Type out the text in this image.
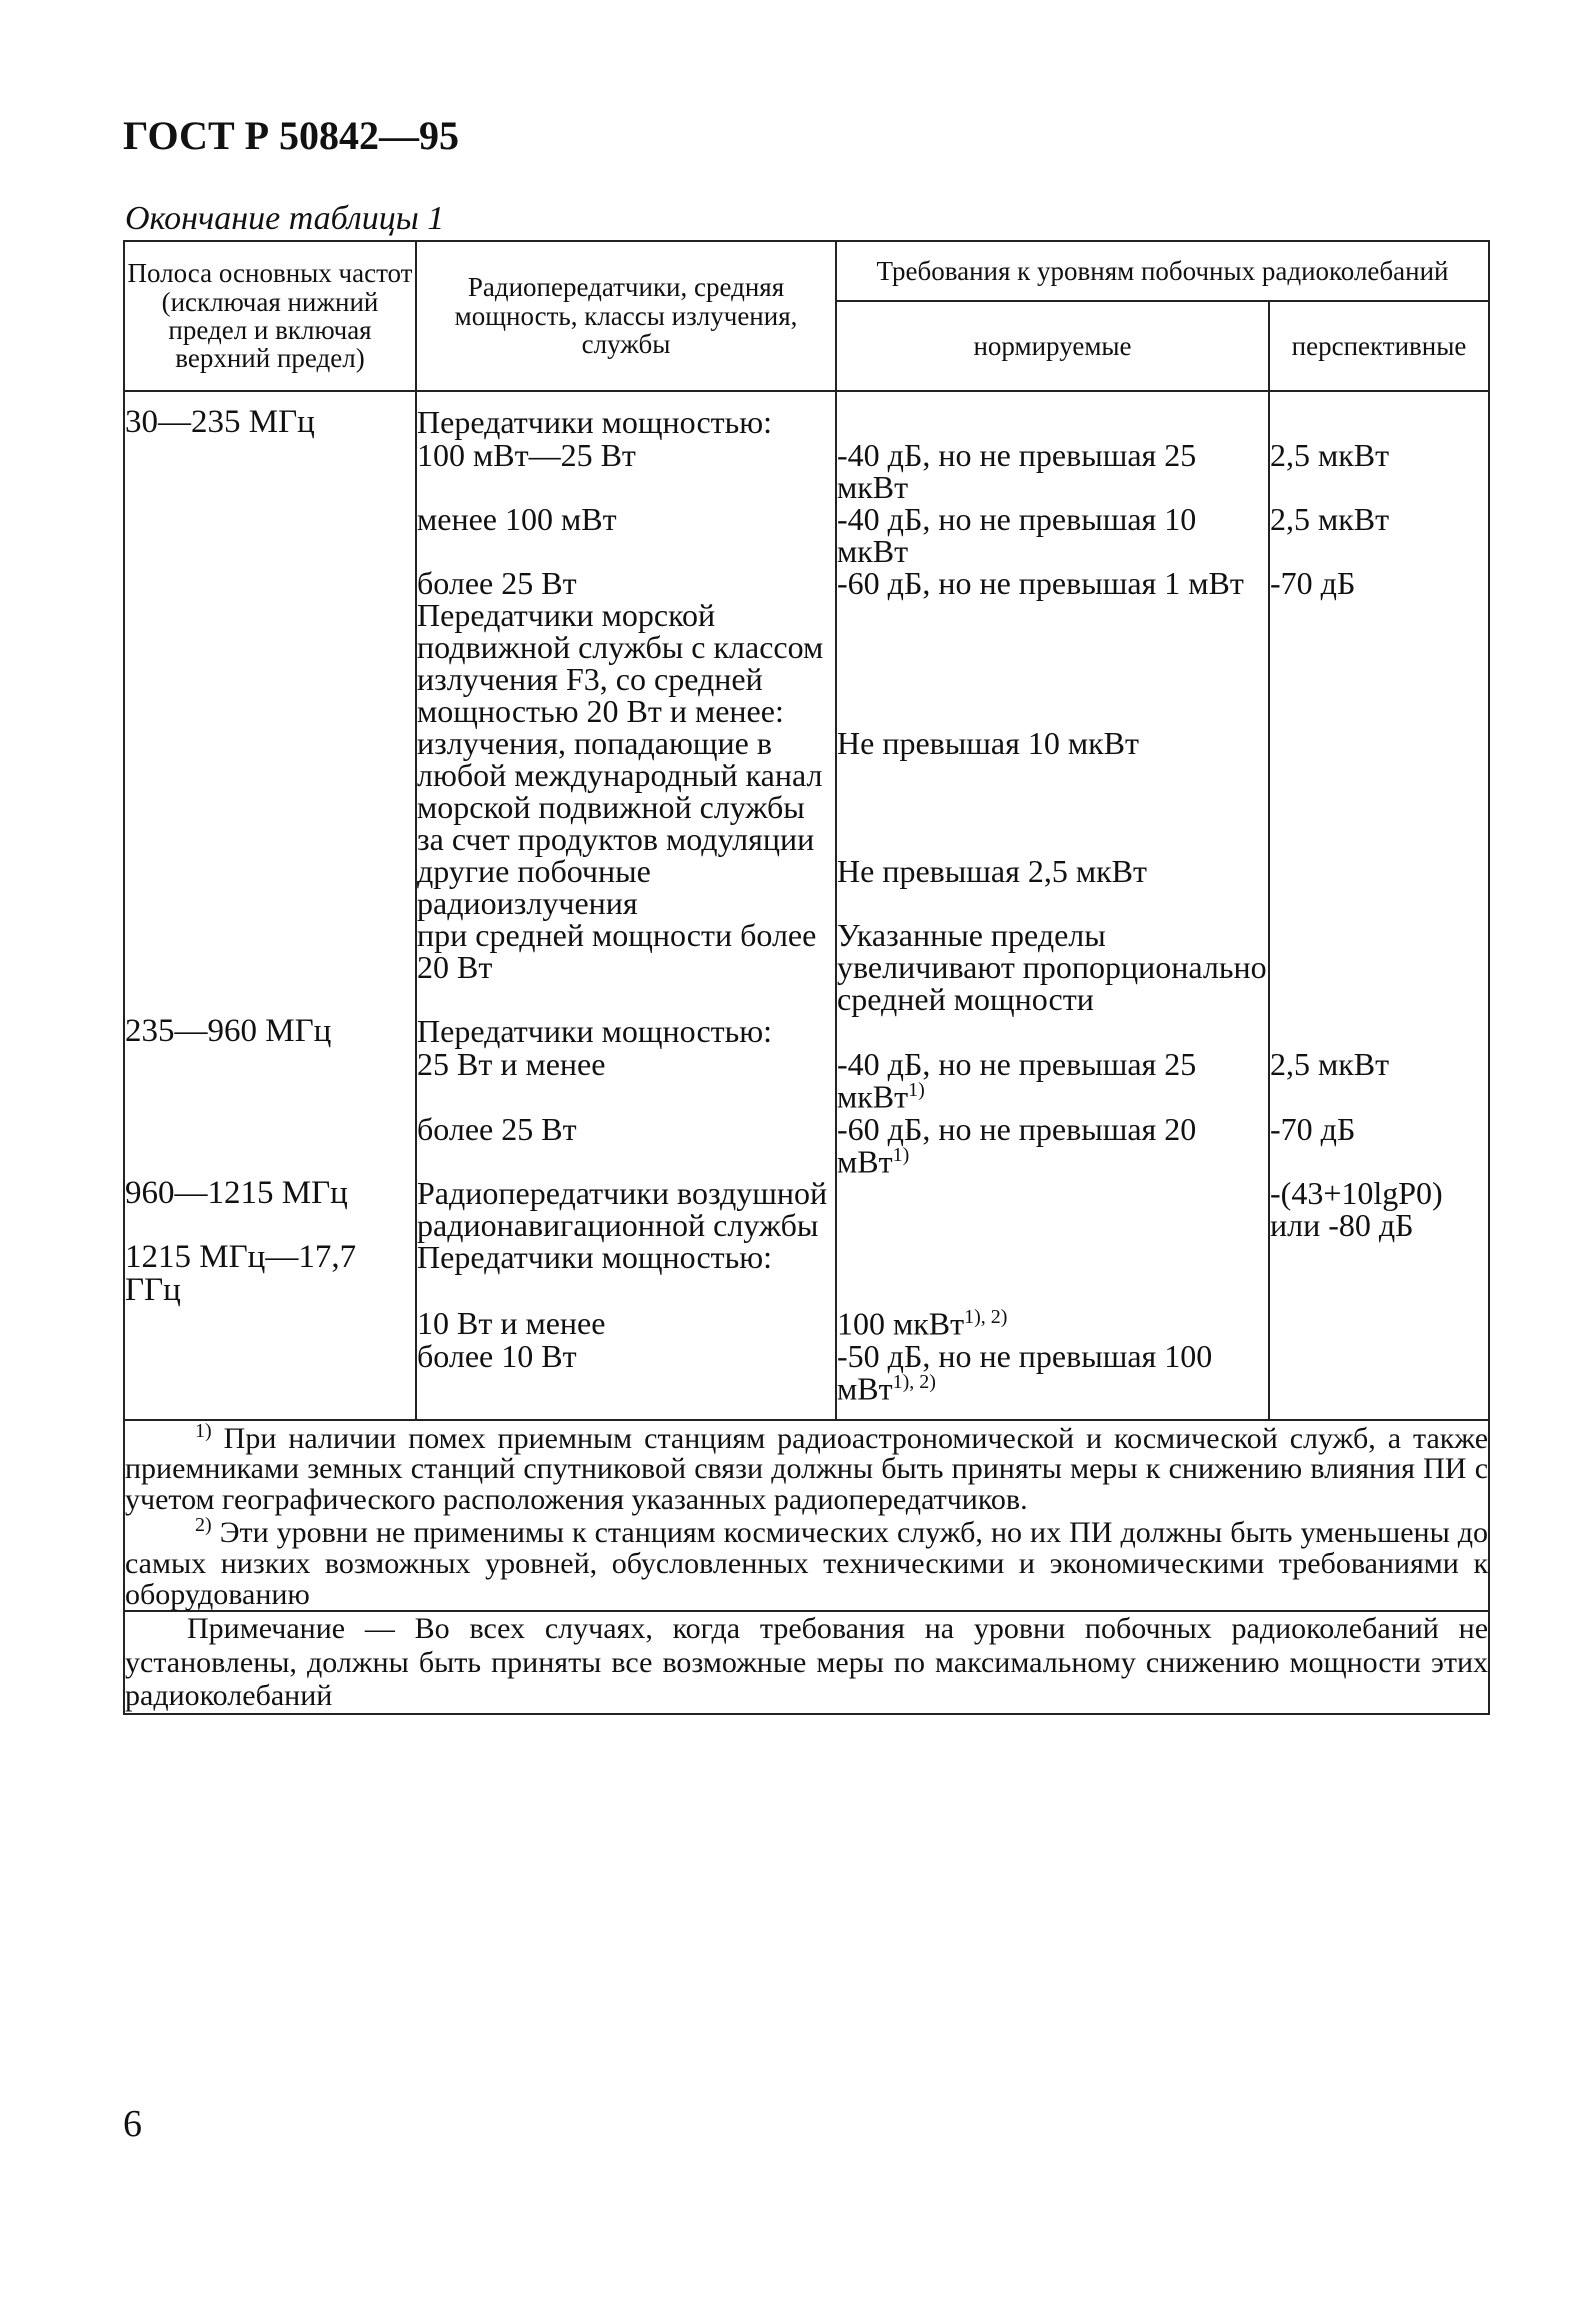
ГОСТ Р 50842—95
Окончание таблицы 1
Полоса основных частот (исключая нижний предел и включая верхний предел)	Радиопередатчики, средняя мощность, классы излучения, службы	Требования к уровням побочных радиоколебаний	
		нормируемые	перспективные
30—235 МГц	Передатчики мощностью:		
	100 мВт—25 Вт	-40 дБ, но не превышая 25 мкВт	2,5 мкВт
	менее 100 мВт	-40 дБ, но не превышая 10 мкВт	2,5 мкВт
	более 25 Вт	-60 дБ, но не превышая 1 мВт	-70 дБ
	Передатчики морской подвижной службы с классом излучения F3, со средней мощностью 20 Вт и менее:		
	излучения, попадающие в любой международный канал морской подвижной службы за счет продуктов модуляции	Не превышая 10 мкВт	
	другие побочные радиоизлучения	Не превышая 2,5 мкВт	
	при средней мощности более 20 Вт	Указанные пределы увеличивают пропорционально средней мощности	
235—960 МГц	Передатчики мощностью:		
	25 Вт и менее	-40 дБ, но не превышая 25 мкВт$^{1)}$	2,5 мкВт
	более 25 Вт	-60 дБ, но не превышая 20 мВт$^{1)}$	-70 дБ
960—1215 МГц	Радиопередатчики воздушной радионавигационной службы		-(43+10lgP0) или -80 дБ
1215 МГц—17,7 ГГц	Передатчики мощностью:		
	10 Вт и менее	100 мкВт$^{1), 2)}$	
	более 10 Вт	-50 дБ, но не превышая 100 мВт$^{1), 2)}$	

$^{1)}$ При наличии помех приемным станциям радиоастрономической и космической служб, а также приемниками земных станций спутниковой связи должны быть приняты меры к снижению влияния ПИ с учетом географического расположения указанных радиопередатчиков.
$^{2)}$ Эти уровни не применимы к станциям космических служб, но их ПИ должны быть уменьшены до самых низких возможных уровней, обусловленных техническими и экономическими требованиями к оборудованию			

Примечание — Во всех случаях, когда требования на уровни побочных радиоколебаний не установлены, должны быть приняты все возможные меры по максимальному снижению мощности этих радиоколебаний			

6
